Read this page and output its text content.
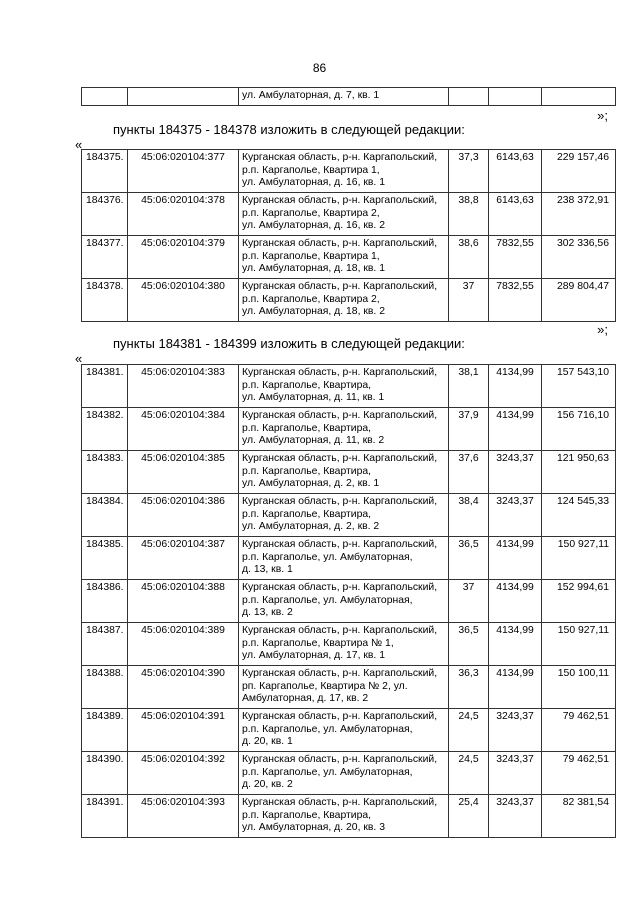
86

ул. Амбулаторная, д. 7, кв. 1

»;
пункты 184375 - 184378 изложить в следующей редакции:
«
184375.	45:06:020104:377	Курганская область, р-н. Каргапольский,
р.п. Каргаполье, Квартира 1,
ул. Амбулаторная, д. 16, кв. 1	37,3	6143,63	229 157,46
184376.	45:06:020104:378	Курганская область, р-н. Каргапольский,
р.п. Каргаполье, Квартира 2,
ул. Амбулаторная, д. 16, кв. 2	38,8	6143,63	238 372,91
184377.	45:06:020104:379	Курганская область, р-н. Каргапольский,
р.п. Каргаполье, Квартира 1,
ул. Амбулаторная, д. 18, кв. 1	38,6	7832,55	302 336,56
184378.	45:06:020104:380	Курганская область, р-н. Каргапольский,
р.п. Каргаполье, Квартира 2,
ул. Амбулаторная, д. 18, кв. 2	37	7832,55	289 804,47
»;
пункты 184381 - 184399 изложить в следующей редакции:
«
184381.	45:06:020104:383	Курганская область, р-н. Каргапольский,
р.п. Каргаполье, Квартира,
ул. Амбулаторная, д. 11, кв. 1	38,1	4134,99	157 543,10
184382.	45:06:020104:384	Курганская область, р-н. Каргапольский,
р.п. Каргаполье, Квартира,
ул. Амбулаторная, д. 11, кв. 2	37,9	4134,99	156 716,10
184383.	45:06:020104:385	Курганская область, р-н. Каргапольский,
р.п. Каргаполье, Квартира,
ул. Амбулаторная, д. 2, кв. 1	37,6	3243,37	121 950,63
184384.	45:06:020104:386	Курганская область, р-н. Каргапольский,
р.п. Каргаполье, Квартира,
ул. Амбулаторная, д. 2, кв. 2	38,4	3243,37	124 545,33
184385.	45:06:020104:387	Курганская область, р-н. Каргапольский,
р.п. Каргаполье, ул. Амбулаторная,
д. 13, кв. 1	36,5	4134,99	150 927,11
184386.	45:06:020104:388	Курганская область, р-н. Каргапольский,
р.п. Каргаполье, ул. Амбулаторная,
д. 13, кв. 2	37	4134,99	152 994,61
184387.	45:06:020104:389	Курганская область, р-н. Каргапольский,
р.п. Каргаполье, Квартира № 1,
ул. Амбулаторная, д. 17, кв. 1	36,5	4134,99	150 927,11
184388.	45:06:020104:390	Курганская область, р-н. Каргапольский,
рп. Каргаполье, Квартира № 2, ул.
Амбулаторная, д. 17, кв. 2	36,3	4134,99	150 100,11
184389.	45:06:020104:391	Курганская область, р-н. Каргапольский,
р.п. Каргаполье, ул. Амбулаторная,
д. 20, кв. 1	24,5	3243,37	79 462,51
184390.	45:06:020104:392	Курганская область, р-н. Каргапольский,
р.п. Каргаполье, ул. Амбулаторная,
д. 20, кв. 2	24,5	3243,37	79 462,51
184391.	45:06:020104:393	Курганская область, р-н. Каргапольский,
р.п. Каргаполье, Квартира,
ул. Амбулаторная, д. 20, кв. 3	25,4	3243,37	82 381,54
